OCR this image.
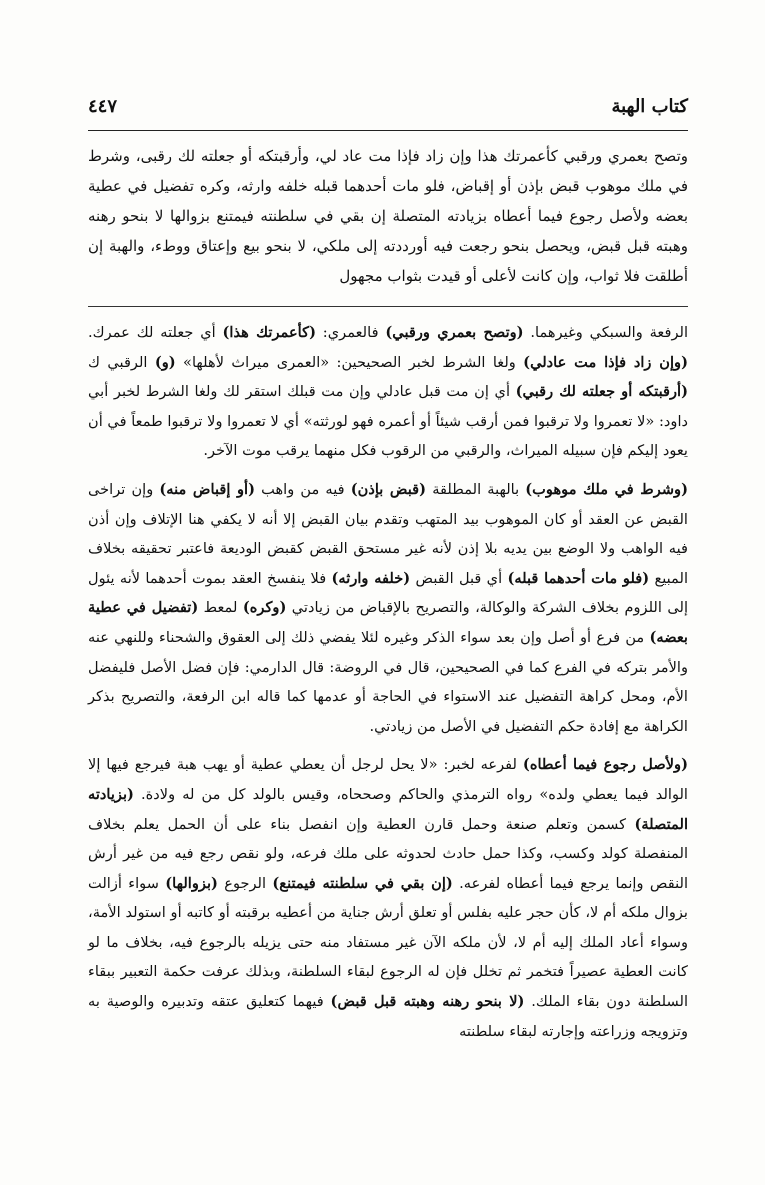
كتاب الهبة
٤٤٧

وتصح بعمري ورقبي كأعمرتك هذا وإن زاد فإذا مت عاد لي، وأرقبتكه أو جعلته لك رقبى، وشرط في ملك موهوب قبض بإذن أو إقباض، فلو مات أحدهما قبله خلفه وارثه، وكره تفضيل في عطية بعضه ولأصل رجوع فيما أعطاه بزيادته المتصلة إن بقي في سلطنته فيمتنع بزوالها لا بنحو رهنه وهبته قبل قبض، ويحصل بنحو رجعت فيه أورددته إلى ملكي، لا بنحو بيع وإعتاق ووطء، والهبة إن أطلقت فلا ثواب، وإن كانت لأعلى أو قيدت بثواب مجهول

الرفعة والسبكي وغيرهما. (وتصح بعمري ورقبي) فالعمري: (كأعمرتك هذا) أي جعلته لك عمرك. (وإن زاد فإذا مت عادلي) ولغا الشرط لخبر الصحيحين: «العمرى ميراث لأهلها» (و) الرقبي ك (أرقبتكه أو جعلته لك رقبي) أي إن مت قبل عادلي وإن مت قبلك استقر لك ولغا الشرط لخبر أبي داود: «لا تعمروا ولا ترقبوا فمن أرقب شيئاً أو أعمره فهو لورثته» أي لا تعمروا ولا ترقبوا طمعاً في أن يعود إليكم فإن سبيله الميراث، والرقبي من الرقوب فكل منهما يرقب موت الآخر.

(وشرط في ملك موهوب) بالهبة المطلقة (قبض بإذن) فيه من واهب (أو إقباض منه) وإن تراخى القبض عن العقد أو كان الموهوب بيد المتهب وتقدم بيان القبض إلا أنه لا يكفي هنا الإتلاف وإن أذن فيه الواهب ولا الوضع بين يديه بلا إذن لأنه غير مستحق القبض كقبض الوديعة فاعتبر تحقيقه بخلاف المبيع (فلو مات أحدهما قبله) أي قبل القبض (خلفه وارثه) فلا ينفسخ العقد بموت أحدهما لأنه يئول إلى اللزوم بخلاف الشركة والوكالة، والتصريح بالإقباض من زيادتي (وكره) لمعط (تفضيل في عطية بعضه) من فرع أو أصل وإن بعد سواء الذكر وغيره لئلا يفضي ذلك إلى العقوق والشحناء وللنهي عنه والأمر بتركه في الفرع كما في الصحيحين، قال في الروضة: قال الدارمي: فإن فضل الأصل فليفضل الأم، ومحل كراهة التفضيل عند الاستواء في الحاجة أو عدمها كما قاله ابن الرفعة، والتصريح بذكر الكراهة مع إفادة حكم التفضيل في الأصل من زيادتي.

(ولأصل رجوع فيما أعطاه) لفرعه لخبر: «لا يحل لرجل أن يعطي عطية أو يهب هبة فيرجع فيها إلا الوالد فيما يعطي ولده» رواه الترمذي والحاكم وصححاه، وقيس بالولد كل من له ولادة. (بزيادته المتصلة) كسمن وتعلم صنعة وحمل قارن العطية وإن انفصل بناء على أن الحمل يعلم بخلاف المنفصلة كولد وكسب، وكذا حمل حادث لحدوثه على ملك فرعه، ولو نقص رجع فيه من غير أرش النقص وإنما يرجع فيما أعطاه لفرعه. (إن بقي في سلطنته فيمتنع) الرجوع (بزوالها) سواء أزالت بزوال ملكه أم لا، كأن حجر عليه بفلس أو تعلق أرش جناية من أعطيه برقبته أو كاتبه أو استولد الأمة، وسواء أعاد الملك إليه أم لا، لأن ملكه الآن غير مستفاد منه حتى يزيله بالرجوع فيه، بخلاف ما لو كانت العطية عصيراً فتخمر ثم تخلل فإن له الرجوع لبقاء السلطنة، وبذلك عرفت حكمة التعبير ببقاء السلطنة دون بقاء الملك. (لا بنحو رهنه وهبته قبل قبض) فيهما كتعليق عتقه وتدبيره والوصية به وتزويجه وزراعته وإجارته لبقاء سلطنته
